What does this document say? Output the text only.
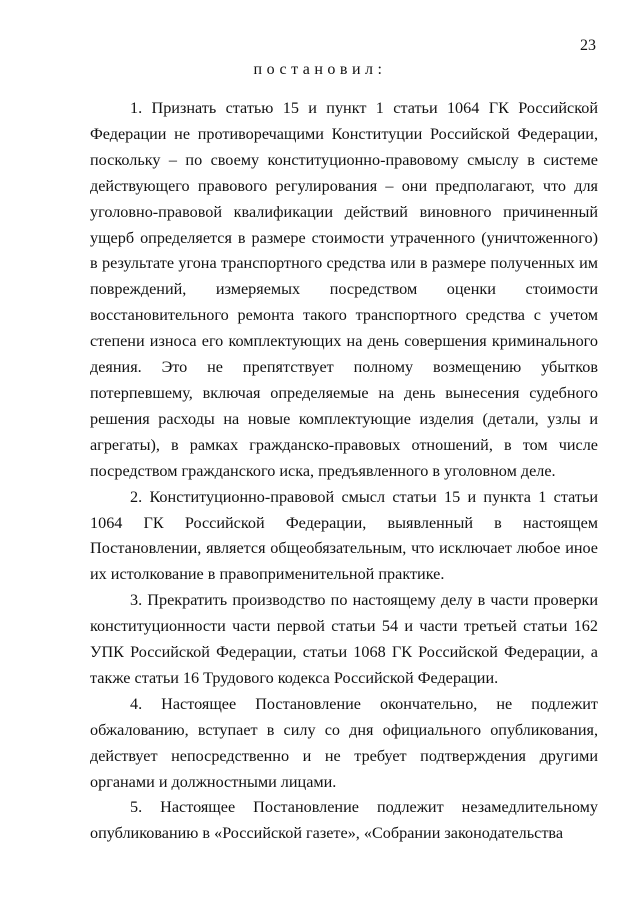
23
постановил:

1. Признать статью 15 и пункт 1 статьи 1064 ГК Российской Федерации не противоречащими Конституции Российской Федерации, поскольку – по своему конституционно-правовому смыслу в системе действующего правового регулирования – они предполагают, что для уголовно-правовой квалификации действий виновного причиненный ущерб определяется в размере стоимости утраченного (уничтоженного) в результате угона транспортного средства или в размере полученных им повреждений, измеряемых посредством оценки стоимости восстановительного ремонта такого транспортного средства с учетом степени износа его комплектующих на день совершения криминального деяния. Это не препятствует полному возмещению убытков потерпевшему, включая определяемые на день вынесения судебного решения расходы на новые комплектующие изделия (детали, узлы и агрегаты), в рамках гражданско-правовых отношений, в том числе посредством гражданского иска, предъявленного в уголовном деле.

2. Конституционно-правовой смысл статьи 15 и пункта 1 статьи 1064 ГК Российской Федерации, выявленный в настоящем Постановлении, является общеобязательным, что исключает любое иное их истолкование в правоприменительной практике.

3. Прекратить производство по настоящему делу в части проверки конституционности части первой статьи 54 и части третьей статьи 162 УПК Российской Федерации, статьи 1068 ГК Российской Федерации, а также статьи 16 Трудового кодекса Российской Федерации.

4. Настоящее Постановление окончательно, не подлежит обжалованию, вступает в силу со дня официального опубликования, действует непосредственно и не требует подтверждения другими органами и должностными лицами.

5. Настоящее Постановление подлежит незамедлительному опубликованию в «Российской газете», «Собрании законодательства
